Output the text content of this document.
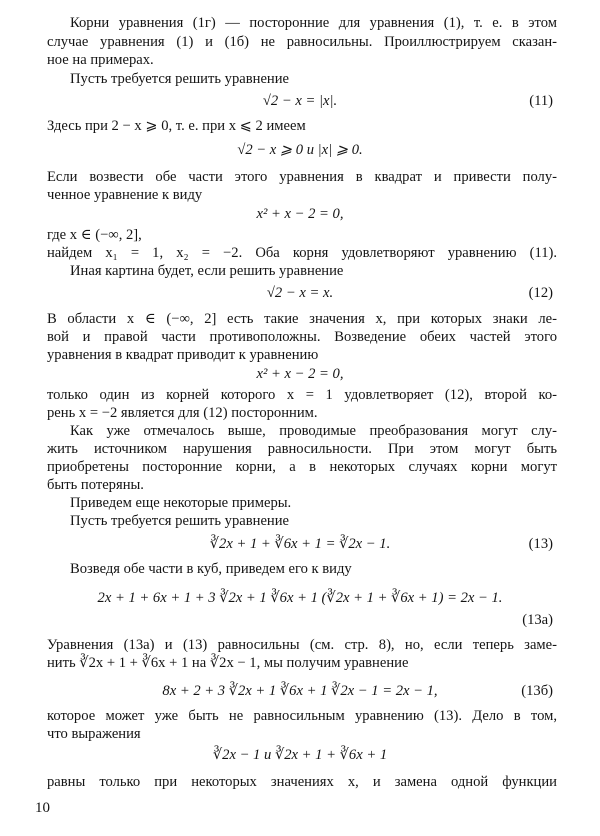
Корни уравнения (1г) — посторонние для уравнения (1), т. е. в этом
случае уравнения (1) и (1б) не равносильны. Проиллюстрируем сказан-
ное на примерах.
Пусть требуется решить уравнение
√2 − x = |x|.	(11)
Здесь при 2 − x ⩾ 0, т. е. при x ⩽ 2 имеем
√2 − x ⩾ 0 и |x| ⩾ 0.
Если возвести обе части этого уравнения в квадрат и привести полу-
ченное уравнение к виду
x² + x − 2 = 0,
где x ∈ (−∞, 2],
найдем x₁ = 1, x₂ = −2. Оба корня удовлетворяют уравнению (11).
Иная картина будет, если решить уравнение
√2 − x = x.	(12)
В области x ∈ (−∞, 2] есть такие значения x, при которых знаки ле-
вой и правой части противоположны. Возведение обеих частей этого
уравнения в квадрат приводит к уравнению
x² + x − 2 = 0,
только один из корней которого x = 1 удовлетворяет (12), второй ко-
рень x = −2 является для (12) посторонним.
Как уже отмечалось выше, проводимые преобразования могут слу-
жить источником нарушения равносильности. При этом могут быть
приобретены посторонние корни, а в некоторых случаях корни могут
быть потеряны.
Приведем еще некоторые примеры.
Пусть требуется решить уравнение
∛2x + 1 + ∛6x + 1 = ∛2x − 1.	(13)
Возведя обе части в куб, приведем его к виду
2x + 1 + 6x + 1 + 3 ∛2x + 1 ∛6x + 1 (∛2x + 1 + ∛6x + 1) = 2x − 1.
(13a)
Уравнения (13a) и (13) равносильны (см. стр. 8), но, если теперь заме-
нить ∛2x + 1 + ∛6x + 1 на ∛2x − 1, мы получим уравнение
8x + 2 + 3 ∛2x + 1 ∛6x + 1 ∛2x − 1 = 2x − 1,	(13б)
которое может уже быть не равносильным уравнению (13). Дело в том,
что выражения
∛2x − 1 и ∛2x + 1 + ∛6x + 1
равны только при некоторых значениях x, и замена одной функции
10
